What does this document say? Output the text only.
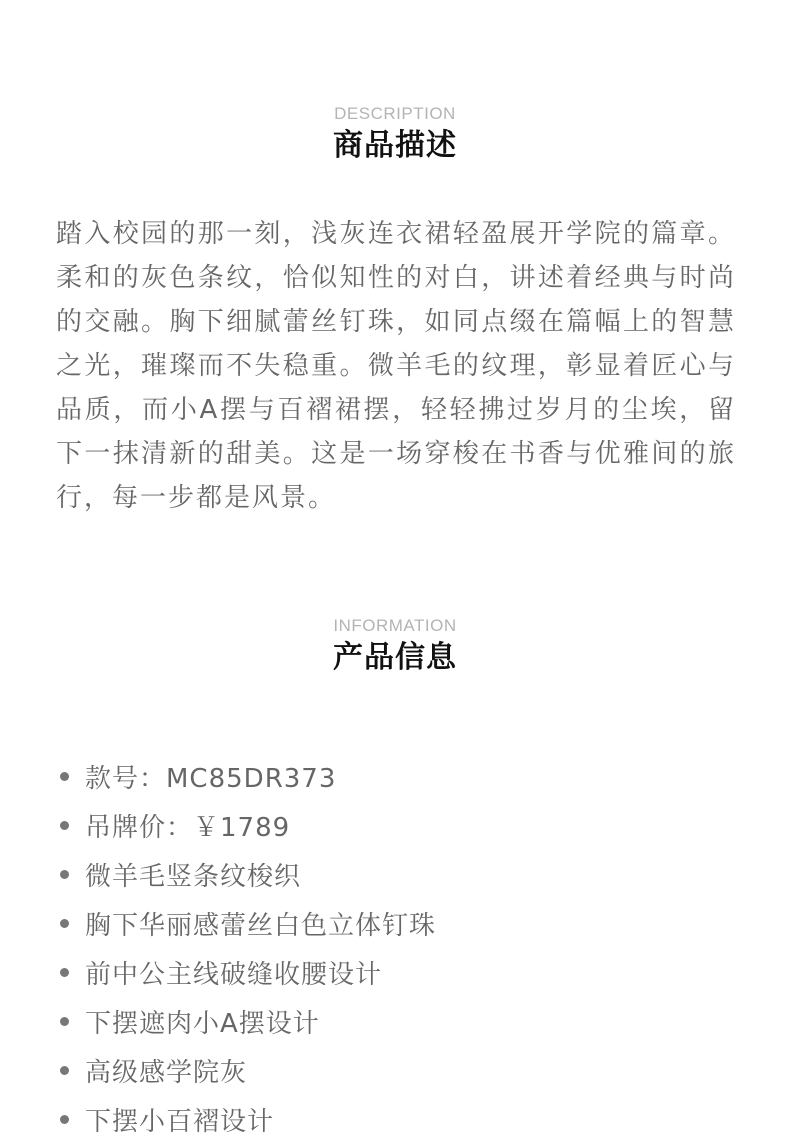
DESCRIPTION
商品描述

踏入校园的那一刻，浅灰连衣裙轻盈展开学院的篇章。柔和的灰色条纹，恰似知性的对白，讲述着经典与时尚的交融。胸下细腻蕾丝钉珠，如同点缀在篇幅上的智慧之光，璀璨而不失稳重。微羊毛的纹理，彰显着匠心与品质，而小A摆与百褶裙摆，轻轻拂过岁月的尘埃，留下一抹清新的甜美。这是一场穿梭在书香与优雅间的旅行，每一步都是风景。

INFORMATION
产品信息
款号：MC85DR373
吊牌价：￥1789
微羊毛竖条纹梭织
胸下华丽感蕾丝白色立体钉珠
前中公主线破缝收腰设计
下摆遮肉小A摆设计
高级感学院灰
下摆小百褶设计
